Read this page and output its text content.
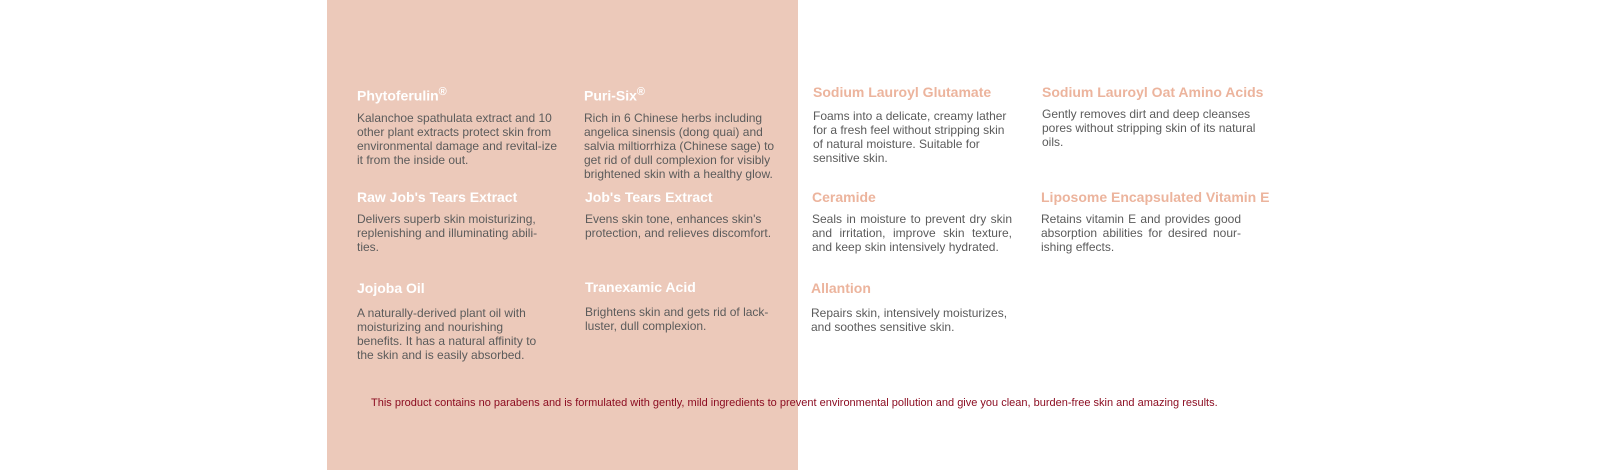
Phytoferulin®
Kalanchoe spathulata extract and 10 other plant extracts protect skin from environmental damage and revital-ize it from the inside out.
Puri-Six®
Rich in 6 Chinese herbs including angelica sinensis (dong quai) and salvia miltiorrhiza (Chinese sage) to get rid of dull complexion for visibly brightened skin with a healthy glow.
Sodium Lauroyl Glutamate
Foams into a delicate, creamy lather for a fresh feel without stripping skin of natural moisture. Suitable for sensitive skin.
Sodium Lauroyl Oat Amino Acids
Gently removes dirt and deep cleanses pores without stripping skin of its natural oils.
Raw Job's Tears Extract
Delivers superb skin moisturizing, replenishing and illuminating abili-ties.
Job's Tears Extract
Evens skin tone, enhances skin's protection, and relieves discomfort.
Ceramide
Seals in moisture to prevent dry skin and irritation, improve skin texture, and keep skin intensively hydrated.
Liposome Encapsulated Vitamin E
Retains vitamin E and provides good absorption abilities for desired nour-ishing effects.
Jojoba Oil
A naturally-derived plant oil with moisturizing and nourishing benefits. It has a natural affinity to the skin and is easily absorbed.
Tranexamic Acid
Brightens skin and gets rid of lack-luster, dull complexion.
Allantion
Repairs skin, intensively moisturizes, and soothes sensitive skin.
This product contains no parabens and is formulated with gently, mild ingredients to prevent environmental pollution and give you clean, burden-free skin and amazing results.
